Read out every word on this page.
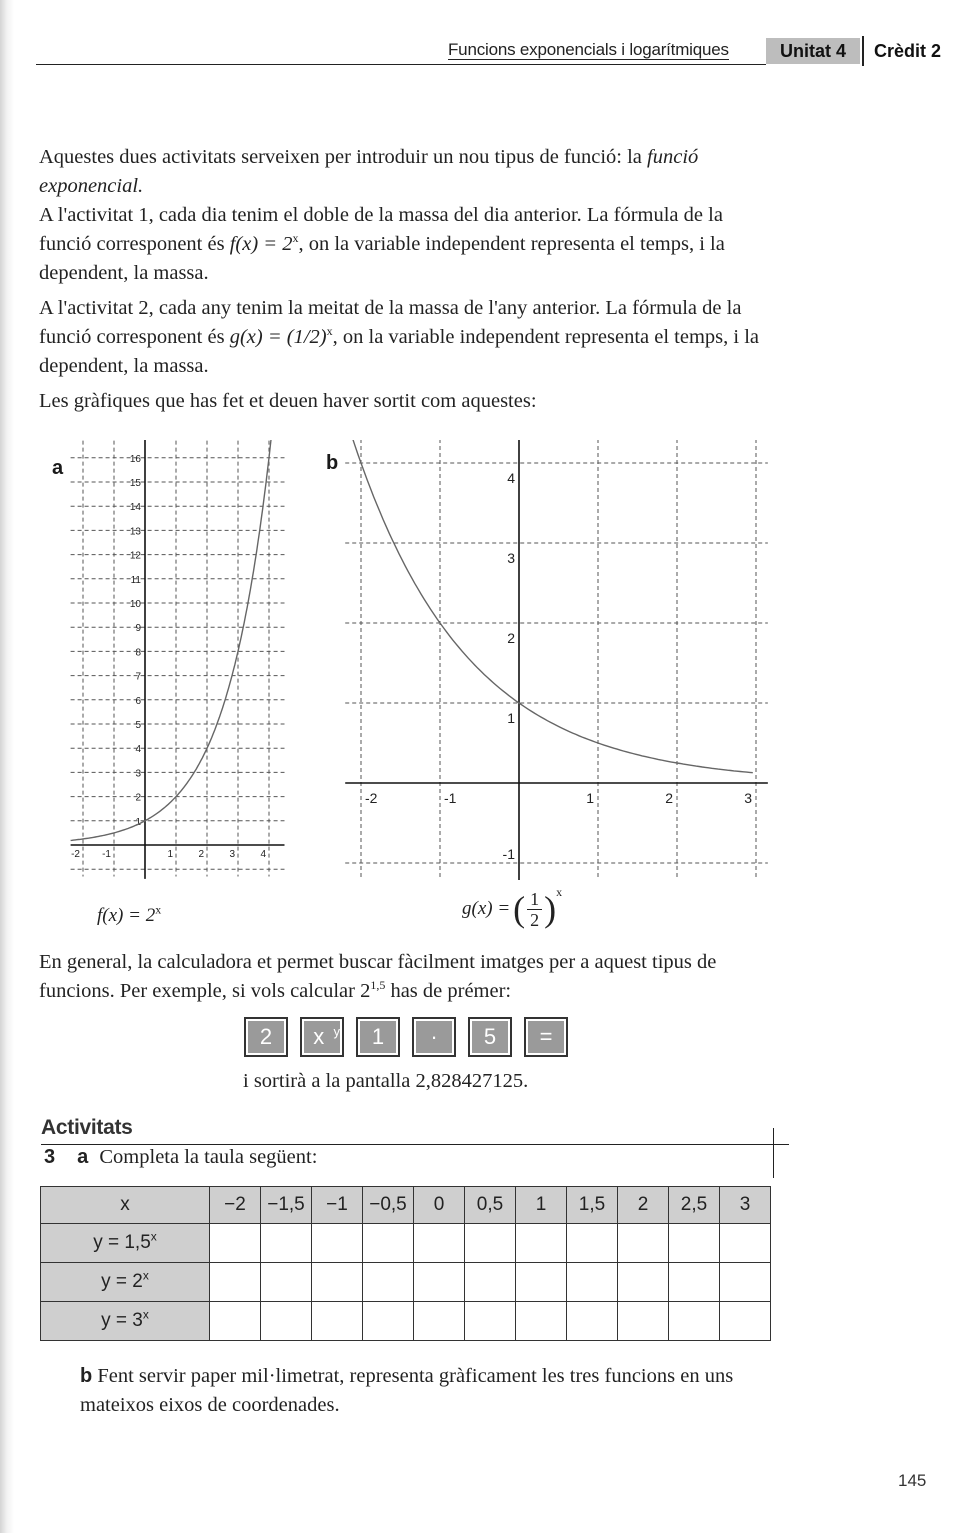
Funcions exponencials i logarítmiques	Unitat 4	Crèdit 2

Aquestes dues activitats serveixen per introduir un nou tipus de funció: la funció exponencial.

A l'activitat 1, cada dia tenim el doble de la massa del dia anterior. La fórmula de la funció corresponent és $f(x) = 2^x$, on la variable independent representa el temps, i la dependent, la massa.

A l'activitat 2, cada any tenim la meitat de la massa de l'any anterior. La fórmula de la funció corresponent és $g(x) = (1/2)^x$, on la variable independent representa el temps, i la dependent, la massa.

Les gràfiques que has fet et deuen haver sortit com aquestes:

a	16
15
14
13
12
11
10
9
8
7
6
5
4
3
2
1
-2 -1	1	2	3	4
$f(x) = 2^x$
b
4
3
2
1
-1
-2	-1	1	2	3
g(x) = ( $\frac{1}{2}$ ) x

En general, la calculadora et permet buscar fàcilment imatges per a aquest tipus de funcions. Per exemple, si vols calcular 2$^{1,5}$ has de prémer:

2	x y	1	·	5	=
i sortirà a la pantalla 2,828427125.
Activitats
3 a Completa la taula següent:
x	−2	−1,5	−1	−0,5	0	0,5	1	1,5	2	2,5	3
$y = 1,5^x$											
$y = 2^x$											
$y = 3^x$											
b Fent servir paper mil·limetrat, representa gràficament les tres funcions en uns mateixos eixos de coordenades.
145
